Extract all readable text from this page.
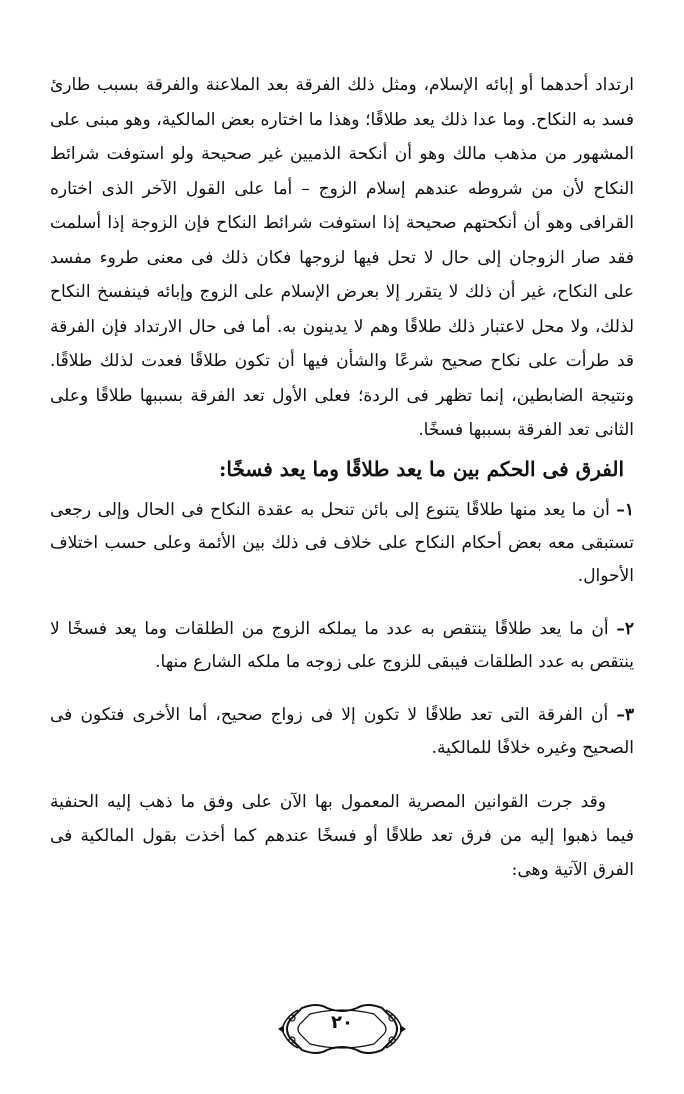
ارتداد أحدهما أو إبائه الإسلام، ومثل ذلك الفرقة بعد الملاعنة والفرقة بسبب طارئ فسد به النكاح. وما عدا ذلك يعد طلاقًا؛ وهذا ما اختاره بعض المالكية، وهو مبنى على المشهور من مذهب مالك وهو أن أنكحة الذميين غير صحيحة ولو استوفت شرائط النكاح لأن من شروطه عندهم إسلام الزوج – أما على القول الآخر الذى اختاره القرافى وهو أن أنكحتهم صحيحة إذا استوفت شرائط النكاح فإن الزوجة إذا أسلمت فقد صار الزوجان إلى حال لا تحل فيها لزوجها فكان ذلك فى معنى طروء مفسد على النكاح، غير أن ذلك لا يتقرر إلا بعرض الإسلام على الزوج وإبائه فينفسخ النكاح لذلك، ولا محل لاعتبار ذلك طلاقًا وهم لا يدينون به. أما فى حال الارتداد فإن الفرقة قد طرأت على نكاح صحيح شرعًا والشأن فيها أن تكون طلاقًا فعدت لذلك طلاقًا. ونتيجة الضابطين، إنما تظهر فى الردة؛ فعلى الأول تعد الفرقة بسببها طلاقًا وعلى الثانى تعد الفرقة بسببها فسخًا.

الفرق فى الحكم بين ما يعد طلاقًا وما يعد فسخًا:

١– أن ما يعد منها طلاقًا يتنوع إلى بائن تنحل به عقدة النكاح فى الحال وإلى رجعى تستبقى معه بعض أحكام النكاح على خلاف فى ذلك بين الأئمة وعلى حسب اختلاف الأحوال.

٢– أن ما يعد طلاقًا ينتقص به عدد ما يملكه الزوج من الطلقات وما يعد فسخًا لا ينتقص به عدد الطلقات فيبقى للزوج على زوجه ما ملكه الشارع منها.

٣– أن الفرقة التى تعد طلاقًا لا تكون إلا فى زواج صحيح، أما الأخرى فتكون فى الصحيح وغيره خلافًا للمالكية.

وقد جرت القوانين المصرية المعمول بها الآن على وفق ما ذهب إليه الحنفية فيما ذهبوا إليه من فرق تعد طلاقًا أو فسخًا عندهم كما أخذت بقول المالكية فى الفرق الآتية وهى:

٢٠
